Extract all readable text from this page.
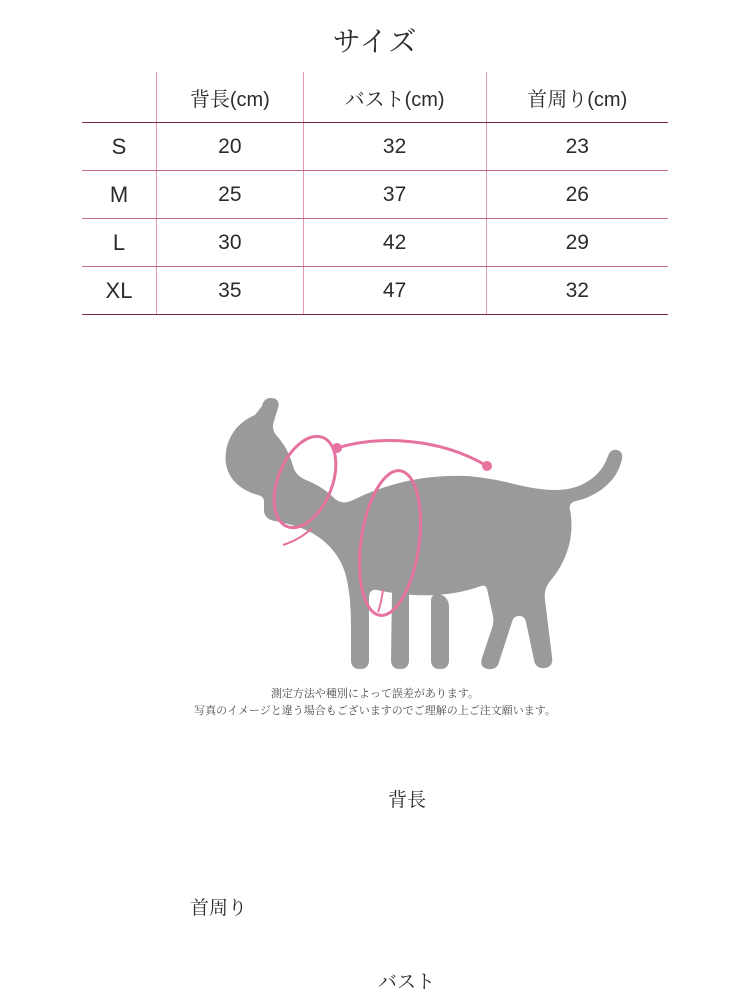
サイズ
	背長(cm)	バスト(cm)	首周り(cm)
S	20	32	23
M	25	37	26
L	30	42	29
XL	35	47	32
背長
首周り
バスト
測定方法や種別によって誤差があります。
写真のイメージと違う場合もございますのでご理解の上ご注文願います。
